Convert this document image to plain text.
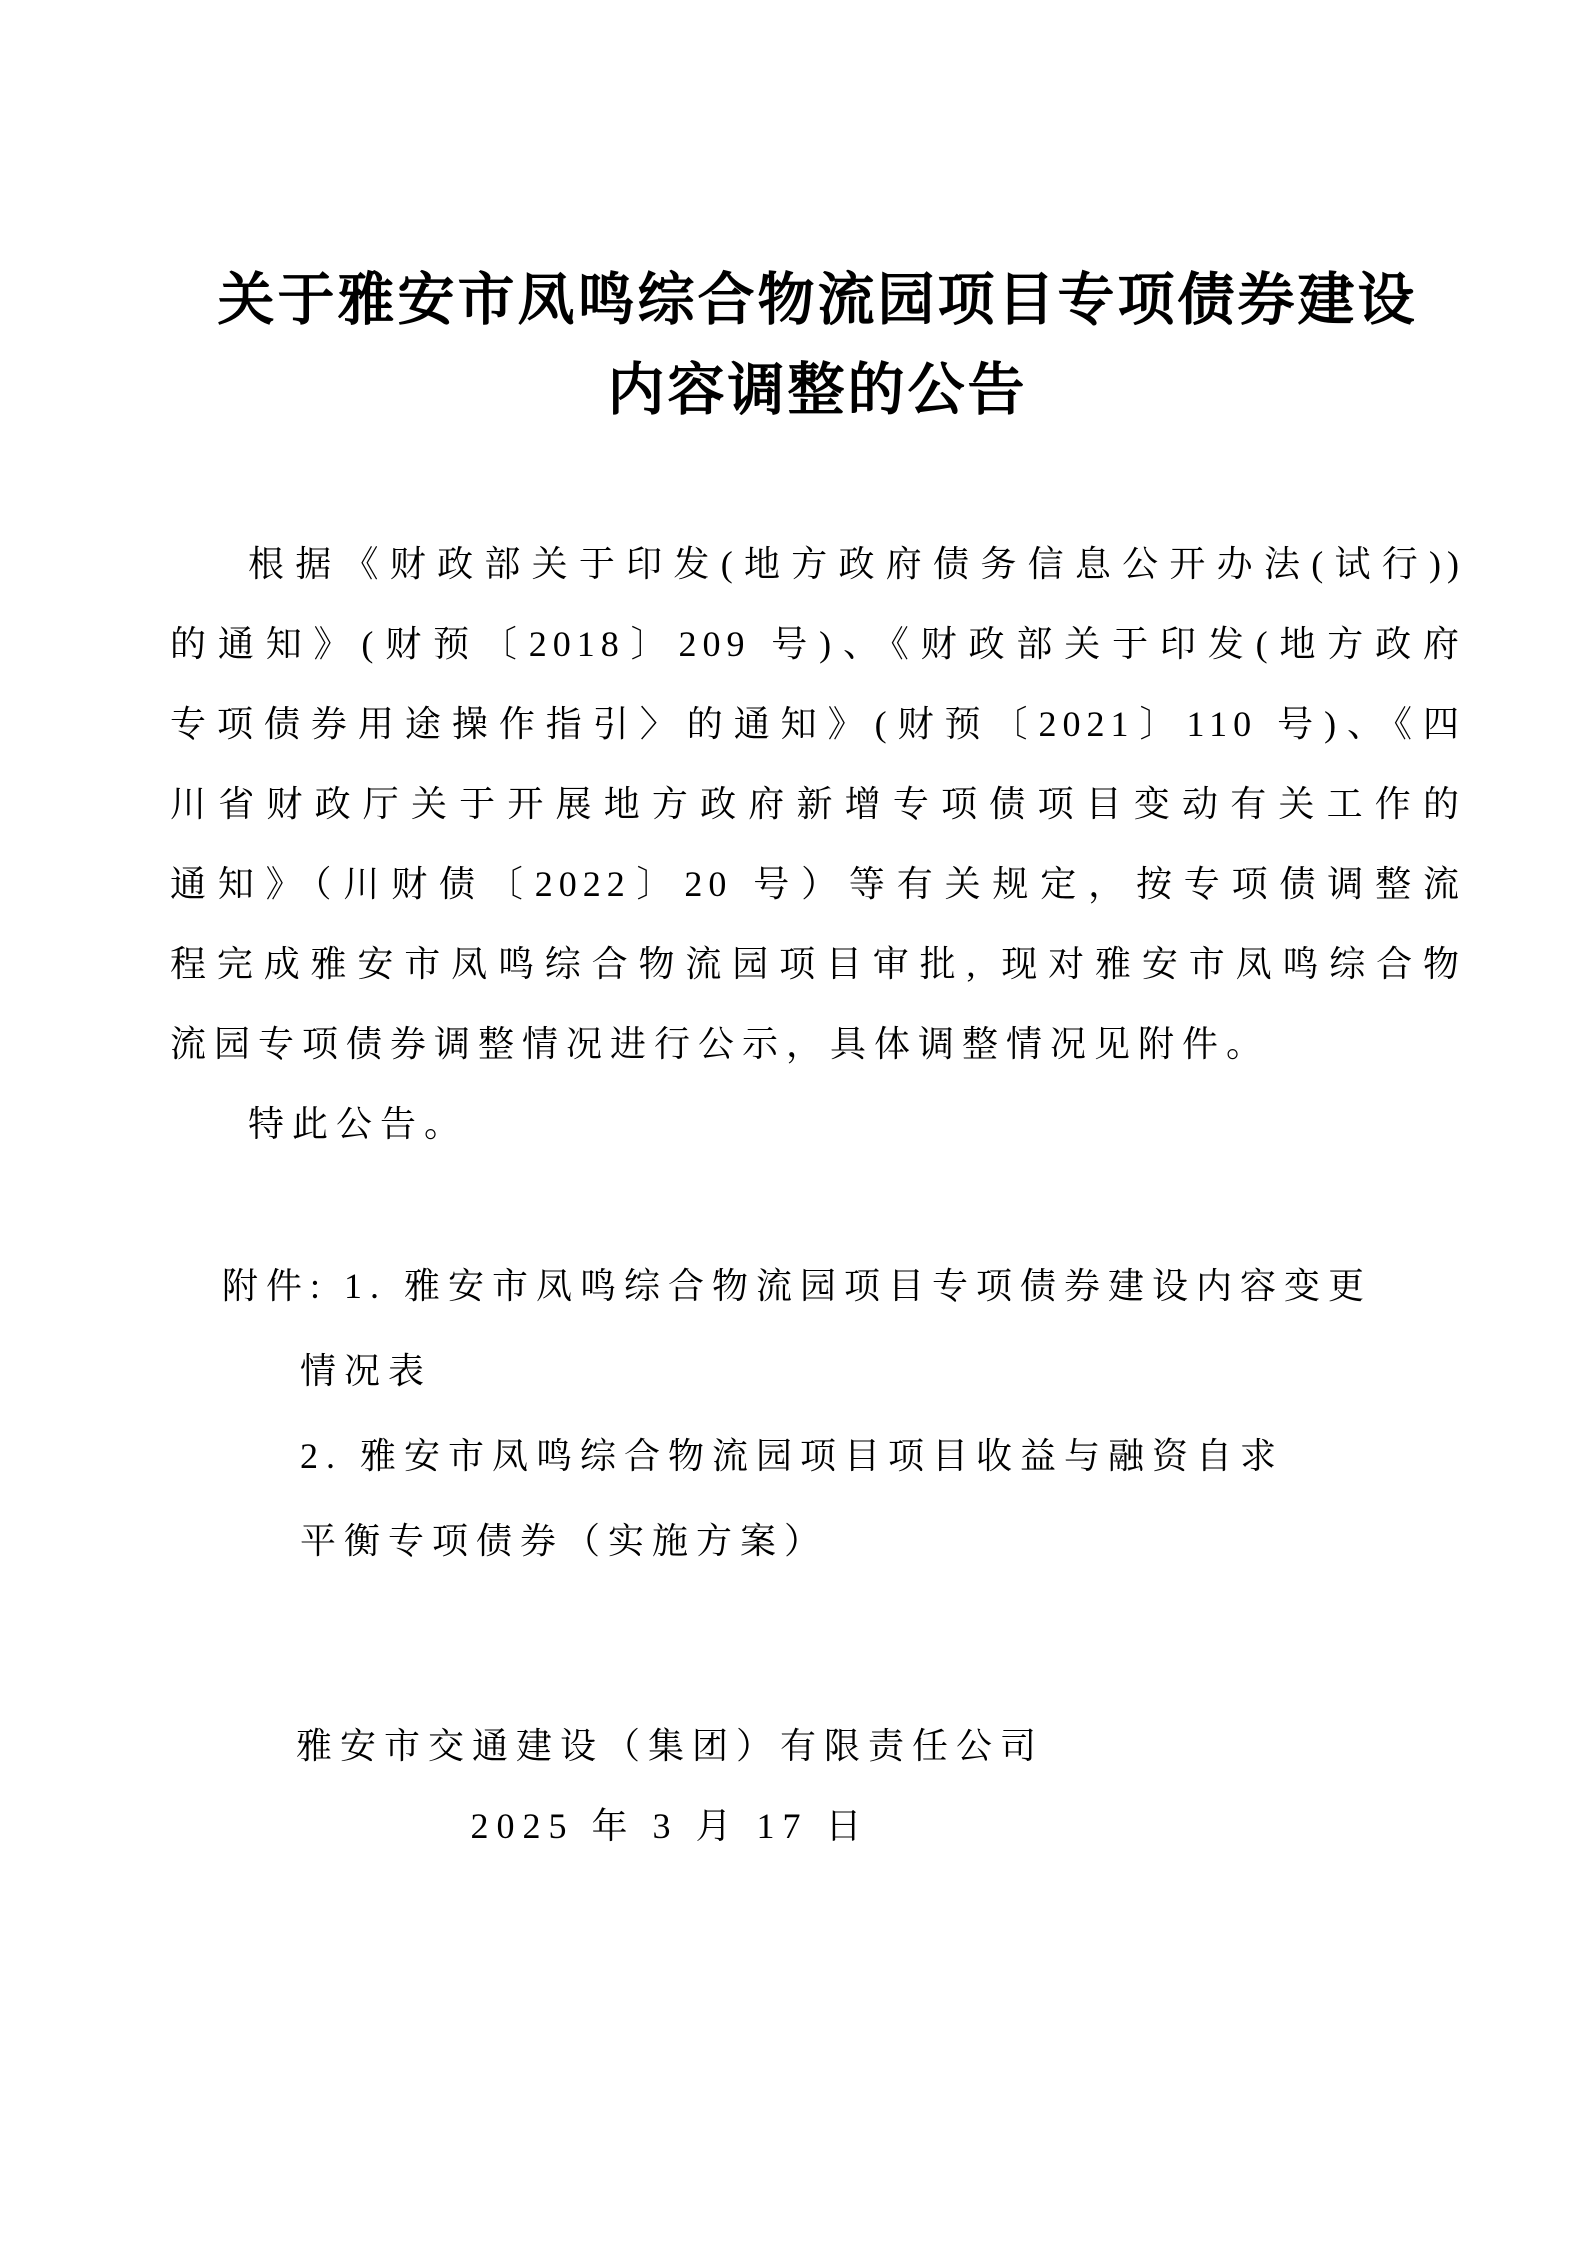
关于雅安市凤鸣综合物流园项目专项债券建设
内容调整的公告
根据《财政部关于印发(地方政府债务信息公开办法(试行))
的通知》(财预〔2018〕209 号)、《财政部关于印发(地方政府
专项债券用途操作指引〉的通知》(财预〔2021〕110 号)、《四
川省财政厅关于开展地方政府新增专项债项目变动有关工作的
通知》（川财债〔2022〕20 号）等有关规定，按专项债调整流
程完成雅安市凤鸣综合物流园项目审批, 现对雅安市凤鸣综合物
流园专项债券调整情况进行公示，具体调整情况见附件。
特此公告。
附件: 1. 雅安市凤鸣综合物流园项目专项债券建设内容变更
情况表
2. 雅安市凤鸣综合物流园项目项目收益与融资自求
平衡专项债券（实施方案）
雅安市交通建设（集团）有限责任公司
2025 年 3 月 17 日
